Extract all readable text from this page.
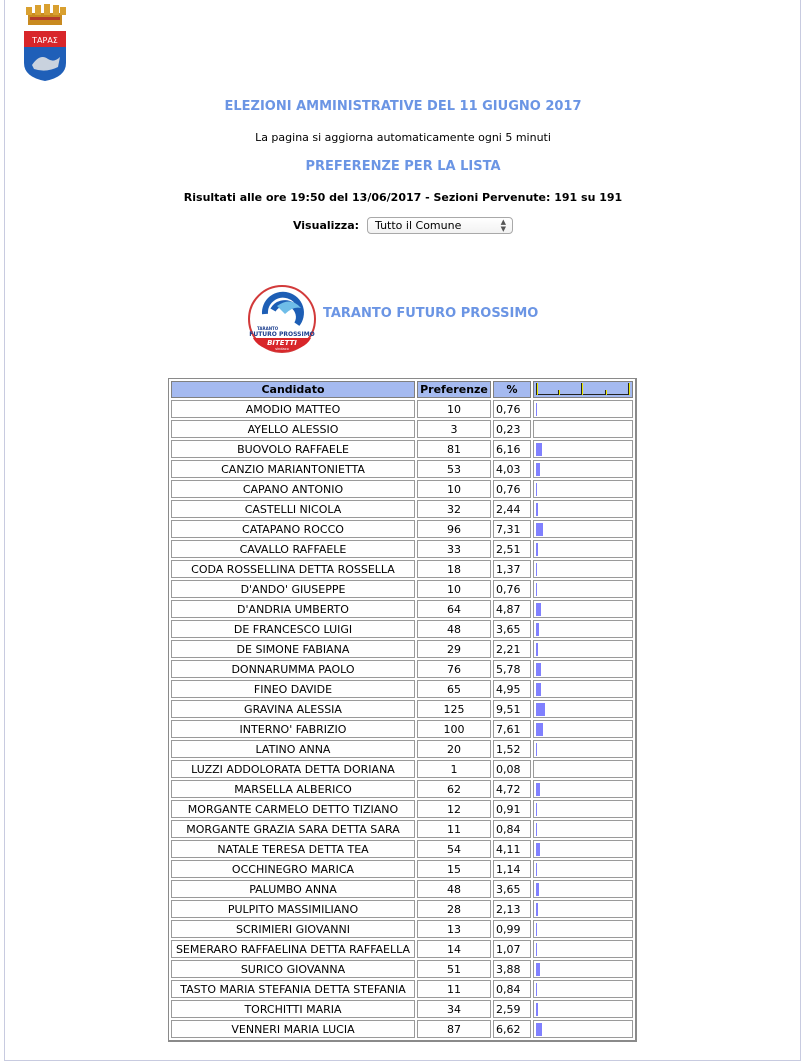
ΤΑΡΑΣ
ELEZIONI AMMINISTRATIVE DEL 11 GIUGNO 2017
La pagina si aggiorna automaticamente ogni 5 minuti
PREFERENZE PER LA LISTA
Risultati alle ore 19:50 del 13/06/2017 - Sezioni Pervenute: 191 su 191
Visualizza:	Tutto il Comune	▲
▼
TARANTO
FUTURO PROSSIMO
BITETTI
sindaco
TARANTO FUTURO PROSSIMO
Candidato	Preferenze	%	

AMODIO MATTEO	10	0,76	

AYELLO ALESSIO	3	0,23	
BUOVOLO RAFFAELE	81	6,16	

CANZIO MARIANTONIETTA	53	4,03	

CAPANO ANTONIO	10	0,76	

CASTELLI NICOLA	32	2,44	

CATAPANO ROCCO	96	7,31	

CAVALLO RAFFAELE	33	2,51	

CODA ROSSELLINA DETTA ROSSELLA	18	1,37	

D'ANDO' GIUSEPPE	10	0,76	

D'ANDRIA UMBERTO	64	4,87	

DE FRANCESCO LUIGI	48	3,65	

DE SIMONE FABIANA	29	2,21	

DONNARUMMA PAOLO	76	5,78	

FINEO DAVIDE	65	4,95	

GRAVINA ALESSIA	125	9,51	

INTERNO' FABRIZIO	100	7,61	

LATINO ANNA	20	1,52	

LUZZI ADDOLORATA DETTA DORIANA	1	0,08	
MARSELLA ALBERICO	62	4,72	

MORGANTE CARMELO DETTO TIZIANO	12	0,91	

MORGANTE GRAZIA SARA DETTA SARA	11	0,84	

NATALE TERESA DETTA TEA	54	4,11	

OCCHINEGRO MARICA	15	1,14	

PALUMBO ANNA	48	3,65	

PULPITO MASSIMILIANO	28	2,13	

SCRIMIERI GIOVANNI	13	0,99	

SEMERARO RAFFAELINA DETTA RAFFAELLA	14	1,07	

SURICO GIOVANNA	51	3,88	

TASTO MARIA STEFANIA DETTA STEFANIA	11	0,84	

TORCHITTI MARIA	34	2,59	

VENNERI MARIA LUCIA	87	6,62	
